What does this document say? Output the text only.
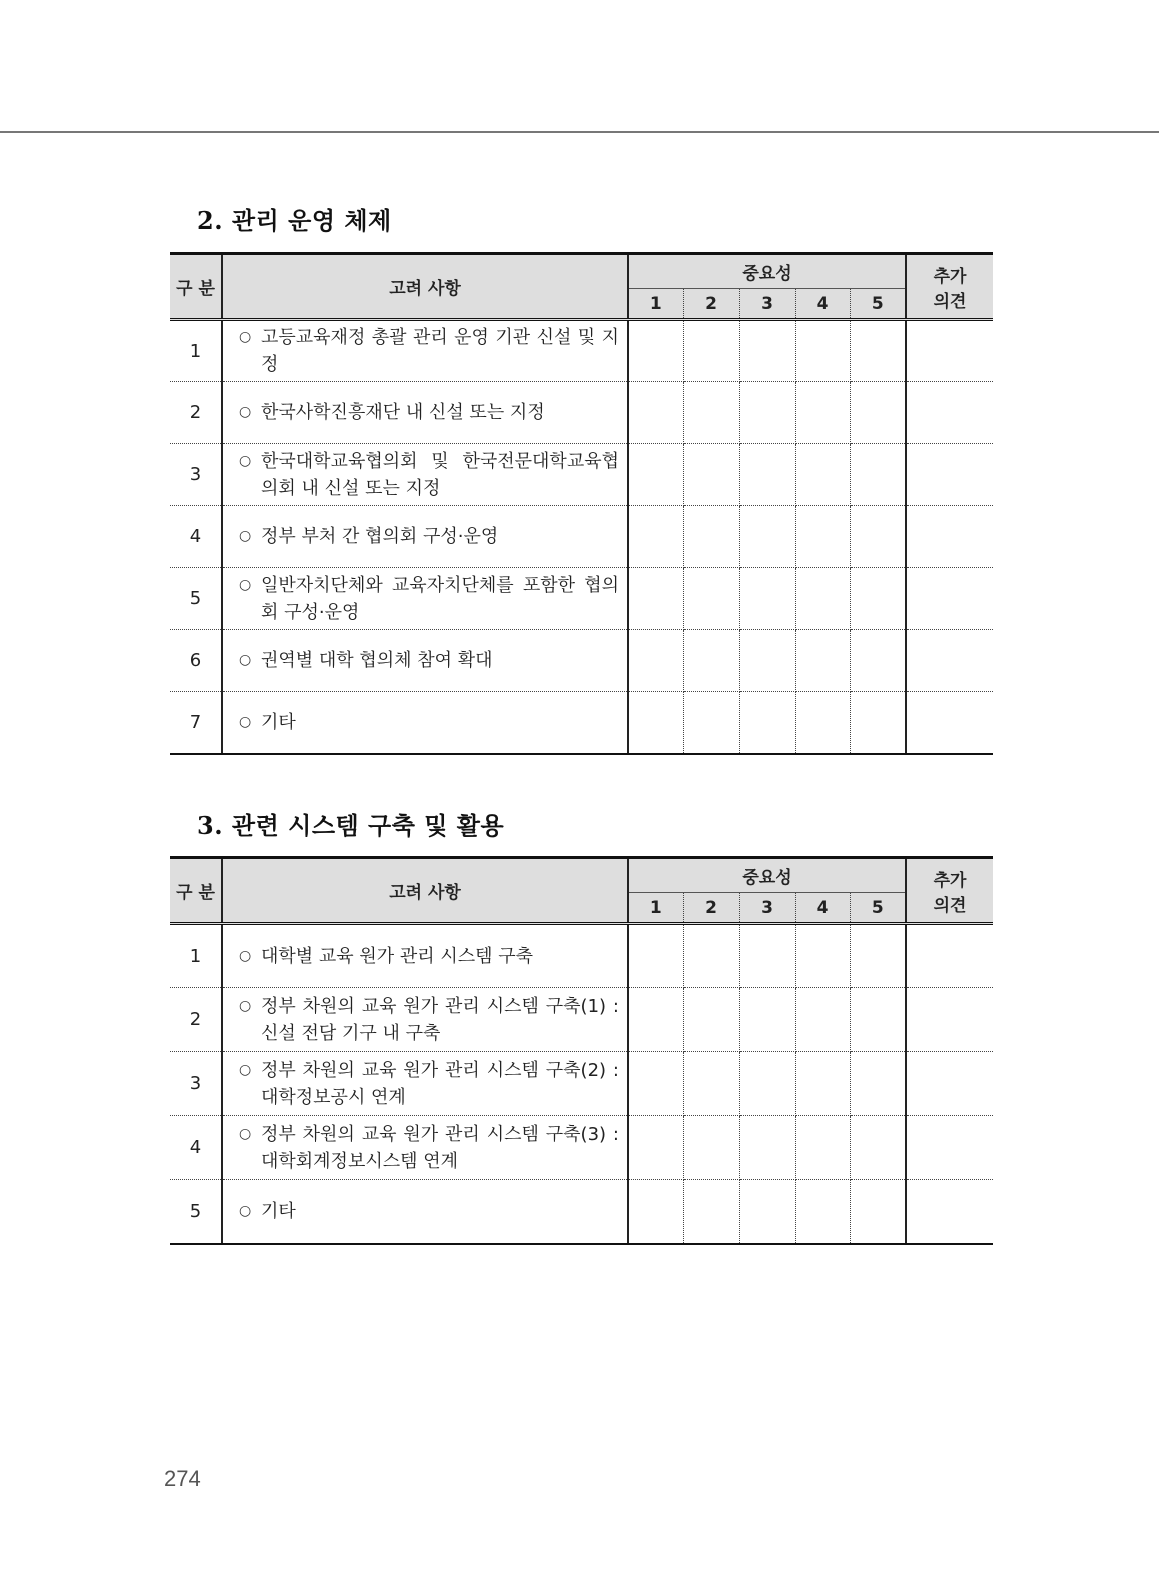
2. 관리 운영 체제
구 분	고려 사항	중요성					추가
의견

		1	2	3	4	5	
1	○ 고등교육재정 총괄 관리 운영 기관 신설 및 지정						

2	○ 한국사학진흥재단 내 신설 또는 지정						

3	○ 한국대학교육협의회 및 한국전문대학교육협의회 내 신설 또는 지정						

4	○ 정부 부처 간 협의회 구성·운영						

5	○ 일반자치단체와 교육자치단체를 포함한 협의회 구성·운영						

6	○ 권역별 대학 협의체 참여 확대						

7	○ 기타						

3. 관련 시스템 구축 및 활용
구 분	고려 사항	중요성					추가
의견

		1	2	3	4	5	
1	○ 대학별 교육 원가 관리 시스템 구축						

2	○ 정부 차원의 교육 원가 관리 시스템 구축(1) : 신설 전담 기구 내 구축						

3	○ 정부 차원의 교육 원가 관리 시스템 구축(2) : 대학정보공시 연계						

4	○ 정부 차원의 교육 원가 관리 시스템 구축(3) : 대학회계정보시스템 연계						

5	○ 기타						

274
